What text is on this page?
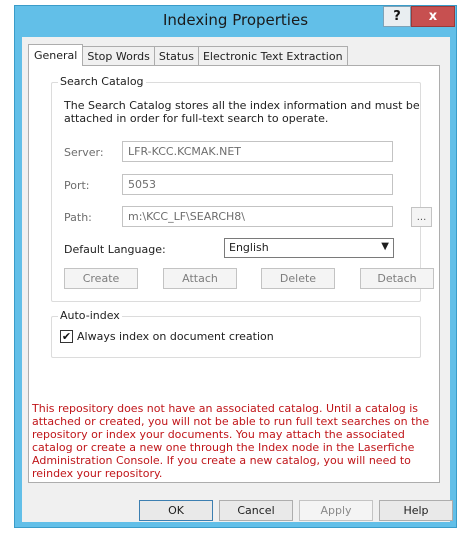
Indexing Properties	?	x
General Stop Words Status Electronic Text Extraction
Search Catalog
The Search Catalog stores all the index information and must be attached in order for full-text search to operate.
Server:	LFR-KCC.KCMAK.NET
Port:	5053
Path:	m:\KCC_LF\SEARCH8\	...
Default Language:	English	▼
Create	Attach	Delete	Detach
Auto-index
✔ Always index on document creation
This repository does not have an associated catalog. Until a catalog is attached or created, you will not be able to run full text searches on the repository or index your documents. You may attach the associated catalog or create a new one through the Index node in the Laserfiche Administration Console. If you create a new catalog, you will need to reindex your repository.
OK	Cancel	Apply	Help
